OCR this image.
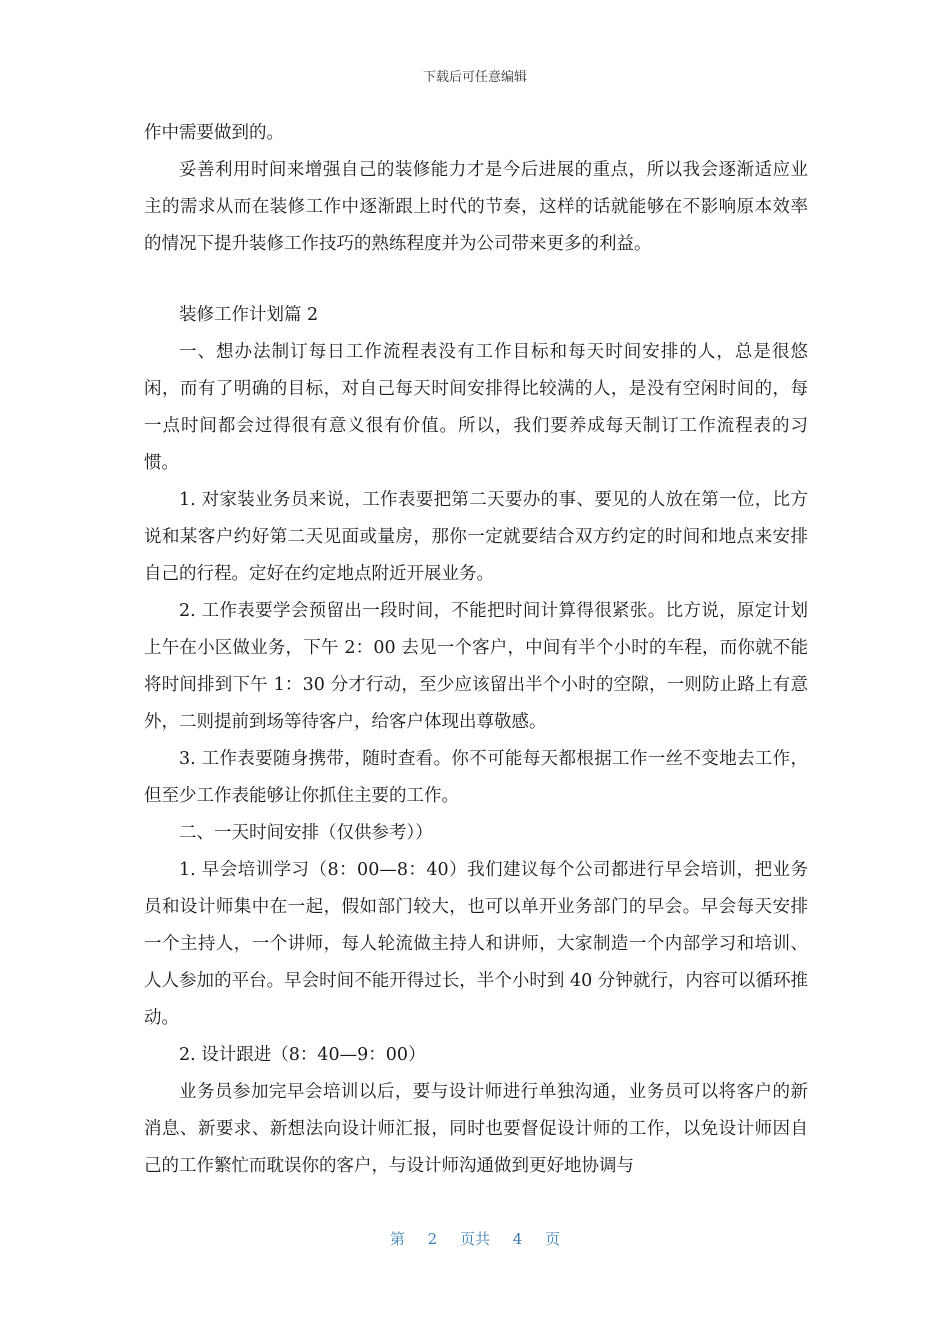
下载后可任意编辑

作中需要做到的。

妥善利用时间来增强自己的装修能力才是今后进展的重点，所以我会逐渐适应业主的需求从而在装修工作中逐渐跟上时代的节奏，这样的话就能够在不影响原本效率的情况下提升装修工作技巧的熟练程度并为公司带来更多的利益。

装修工作计划篇 2

一、想办法制订每日工作流程表没有工作目标和每天时间安排的人，总是很悠闲，而有了明确的目标，对自己每天时间安排得比较满的人，是没有空闲时间的，每一点时间都会过得很有意义很有价值。所以，我们要养成每天制订工作流程表的习惯。

1. 对家装业务员来说，工作表要把第二天要办的事、要见的人放在第一位，比方说和某客户约好第二天见面或量房，那你一定就要结合双方约定的时间和地点来安排自己的行程。定好在约定地点附近开展业务。

2. 工作表要学会预留出一段时间，不能把时间计算得很紧张。比方说，原定计划上午在小区做业务，下午 2：00 去见一个客户，中间有半个小时的车程，而你就不能将时间排到下午 1：30 分才行动，至少应该留出半个小时的空隙，一则防止路上有意外，二则提前到场等待客户，给客户体现出尊敬感。

3. 工作表要随身携带，随时查看。你不可能每天都根据工作一丝不变地去工作，但至少工作表能够让你抓住主要的工作。

二、一天时间安排（仅供参考））

1. 早会培训学习（8：00—8：40）我们建议每个公司都进行早会培训，把业务员和设计师集中在一起，假如部门较大，也可以单开业务部门的早会。早会每天安排一个主持人，一个讲师，每人轮流做主持人和讲师，大家制造一个内部学习和培训、人人参加的平台。早会时间不能开得过长，半个小时到 40 分钟就行，内容可以循环推动。

2. 设计跟进（8：40—9：00）

业务员参加完早会培训以后，要与设计师进行单独沟通，业务员可以将客户的新消息、新要求、新想法向设计师汇报，同时也要督促设计师的工作，以免设计师因自己的工作繁忙而耽误你的客户，与设计师沟通做到更好地协调与

第 2 页共 4 页
